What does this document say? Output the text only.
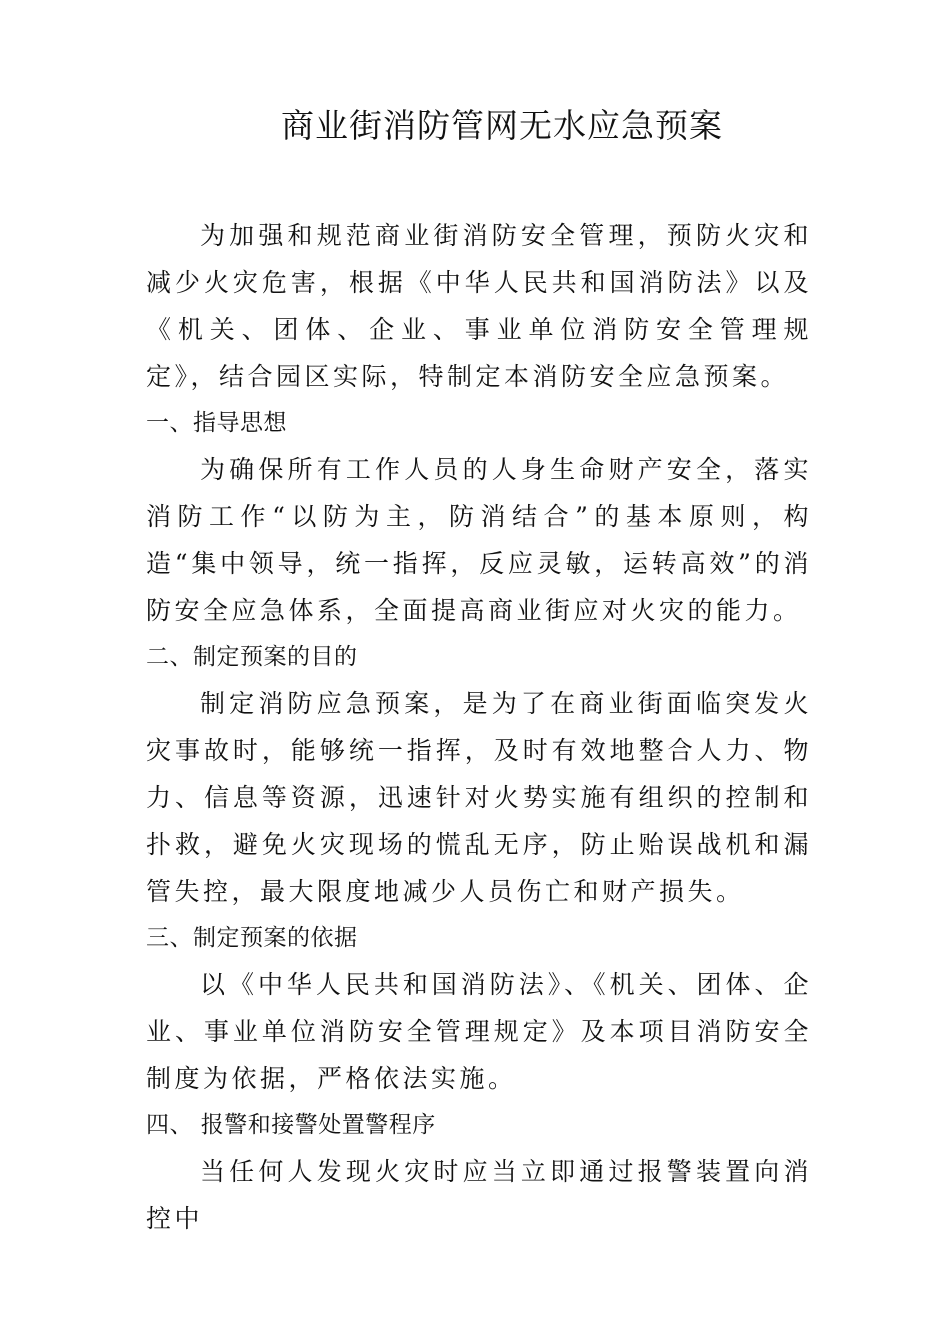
商业街消防管网无水应急预案

为加强和规范商业街消防安全管理，预防火灾和减少火灾危害，根据《中华人民共和国消防法》以及《机关、团体、企业、事业单位消防安全管理规定》，结合园区实际，特制定本消防安全应急预案。

一、指导思想

为确保所有工作人员的人身生命财产安全，落实消防工作“以防为主，防消结合”的基本原则，构造“集中领导，统一指挥，反应灵敏，运转高效”的消防安全应急体系，全面提高商业街应对火灾的能力。

二、制定预案的目的

制定消防应急预案，是为了在商业街面临突发火灾事故时，能够统一指挥，及时有效地整合人力、物力、信息等资源，迅速针对火势实施有组织的控制和扑救，避免火灾现场的慌乱无序，防止贻误战机和漏管失控，最大限度地减少人员伤亡和财产损失。

三、制定预案的依据

以《中华人民共和国消防法》、《机关、团体、企业、事业单位消防安全管理规定》及本项目消防安全制度为依据，严格依法实施。

四、 报警和接警处置警程序

当任何人发现火灾时应当立即通过报警装置向消控中
